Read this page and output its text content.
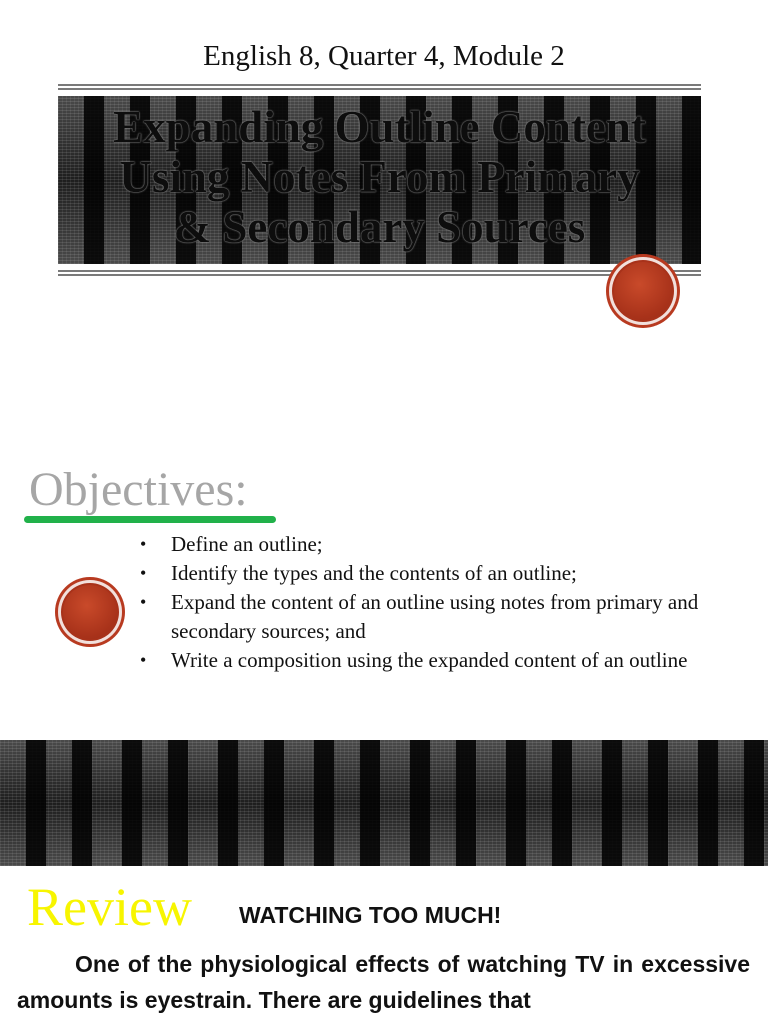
English 8, Quarter 4, Module 2
Expanding Outline Content
Using Notes From Primary
& Secondary Sources
Objectives:
•	Define an outline;
•	Identify the types and the contents of an outline;
•	Expand the content of an outline using notes from primary and secondary sources; and
•	Write a composition using the expanded content of an outline
Review WATCHING TOO MUCH!

One of the physiological effects of watching TV in excessive amounts is eyestrain. There are guidelines that
